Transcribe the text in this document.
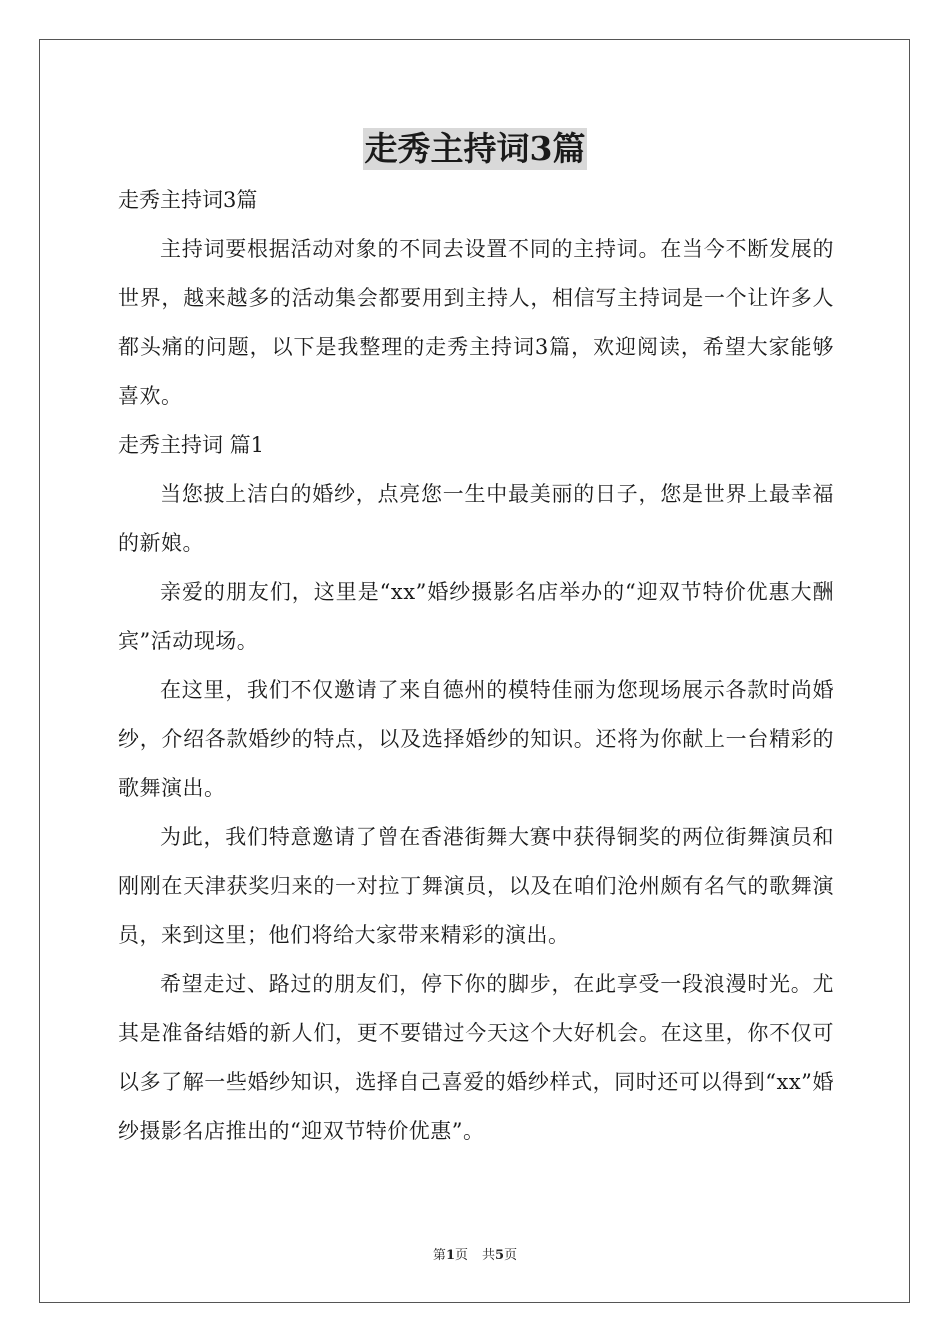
走秀主持词3篇

走秀主持词3篇

主持词要根据活动对象的不同去设置不同的主持词。在当今不断发展的世界，越来越多的活动集会都要用到主持人，相信写主持词是一个让许多人都头痛的问题，以下是我整理的走秀主持词3篇，欢迎阅读，希望大家能够喜欢。

走秀主持词 篇1

当您披上洁白的婚纱，点亮您一生中最美丽的日子，您是世界上最幸福的新娘。

亲爱的朋友们，这里是“xx”婚纱摄影名店举办的“迎双节特价优惠大酬宾”活动现场。

在这里，我们不仅邀请了来自德州的模特佳丽为您现场展示各款时尚婚纱，介绍各款婚纱的特点，以及选择婚纱的知识。还将为你献上一台精彩的歌舞演出。

为此，我们特意邀请了曾在香港街舞大赛中获得铜奖的两位街舞演员和刚刚在天津获奖归来的一对拉丁舞演员，以及在咱们沧州颇有名气的歌舞演员，来到这里；他们将给大家带来精彩的演出。

希望走过、路过的朋友们，停下你的脚步，在此享受一段浪漫时光。尤其是准备结婚的新人们，更不要错过今天这个大好机会。在这里，你不仅可以多了解一些婚纱知识，选择自己喜爱的婚纱样式，同时还可以得到“xx”婚纱摄影名店推出的“迎双节特价优惠”。

第1页 共5页
